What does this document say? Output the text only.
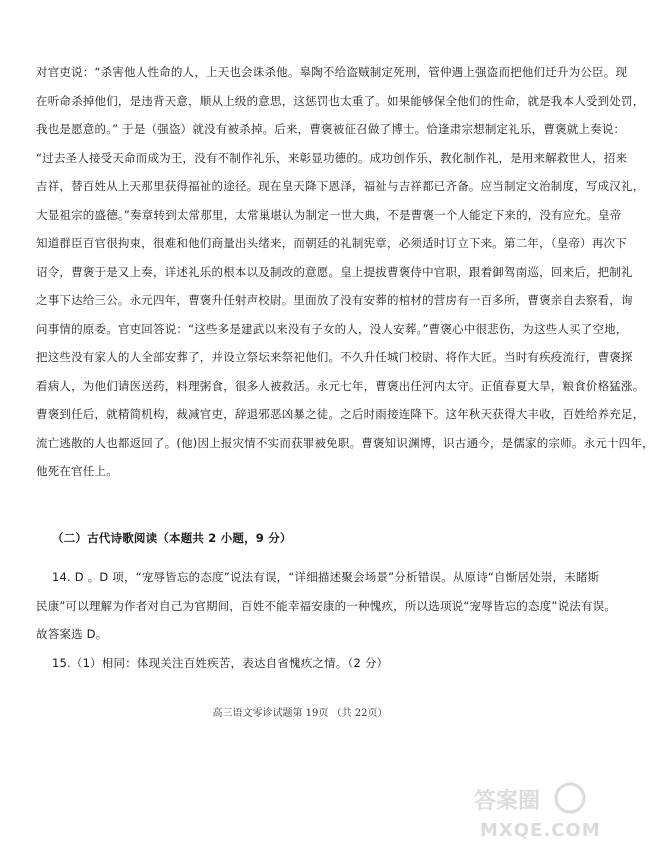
对官吏说：“杀害他人性命的人，上天也会诛杀他。皋陶不给盗贼制定死刑，管仲遇上强盗而把他们迁升为公臣。现
在听命杀掉他们，是违背天意，顺从上级的意思，这惩罚也太重了。如果能够保全他们的性命，就是我本人受到处罚，
我也是愿意的。” 于是（强盗）就没有被杀掉。后来，曹褒被征召做了博士。恰逢肃宗想制定礼乐，曹褒就上奏说：
“过去圣人接受天命而成为王，没有不制作礼乐，来彰显功德的。成功创作乐，教化制作礼，是用来解救世人，招来
吉祥，替百姓从上天那里获得福祉的途径。现在皇天降下恩泽，福祉与吉祥都已齐备。应当制定文治制度，写成汉礼，
大显祖宗的盛德。”奏章转到太常那里，太常巢堪认为制定一世大典，不是曹褒一个人能定下来的，没有应允。皇帝
知道群臣百官很拘束，很难和他们商量出头绪来，而朝廷的礼制宪章，必须适时订立下来。第二年，（皇帝）再次下
诏令，曹褒于是又上奏，详述礼乐的根本以及制改的意愿。皇上提拔曹褒侍中官职，跟着御驾南巡，回来后，把制礼
之事下达给三公。永元四年，曹褒升任射声校尉。里面放了没有安葬的棺材的营房有一百多所，曹褒亲自去察看，询
问事情的原委。官吏回答说：“这些多是建武以来没有子女的人，没人安葬。”曹褒心中很悲伤，为这些人买了空地，
把这些没有家人的人全部安葬了，并设立祭坛来祭祀他们。不久升任城门校尉、将作大匠。当时有疾疫流行，曹褒探
看病人，为他们请医送药，料理粥食，很多人被救活。永元七年，曹褒出任河内太守。正值春夏大旱，粮食价格猛涨。
曹褒到任后，就精简机构，裁减官吏，辞退邪恶凶暴之徒。之后时雨接连降下。这年秋天获得大丰收，百姓给养充足，
流亡逃散的人也都返回了。(他)因上报灾情不实而获罪被免职。曹褒知识渊博，识古通今，是儒家的宗师。永元十四年，
他死在官任上。
（二）古代诗歌阅读（本题共 2 小题，9 分）
14. D 。D 项，“宠辱皆忘的态度”说法有误，“详细描述聚会场景”分析错误。从原诗“自惭居处崇，未睹斯
民康”可以理解为作者对自己为官期间，百姓不能幸福安康的一种愧疚，所以选项说“宠辱皆忘的态度”说法有误。
故答案选 D。
15.（1）相同：体现关注百姓疾苦，表达自省愧疚之情。（2 分）
高三语文零诊试题第 19页 （共 22页）
答案圈
MXQE.COM
